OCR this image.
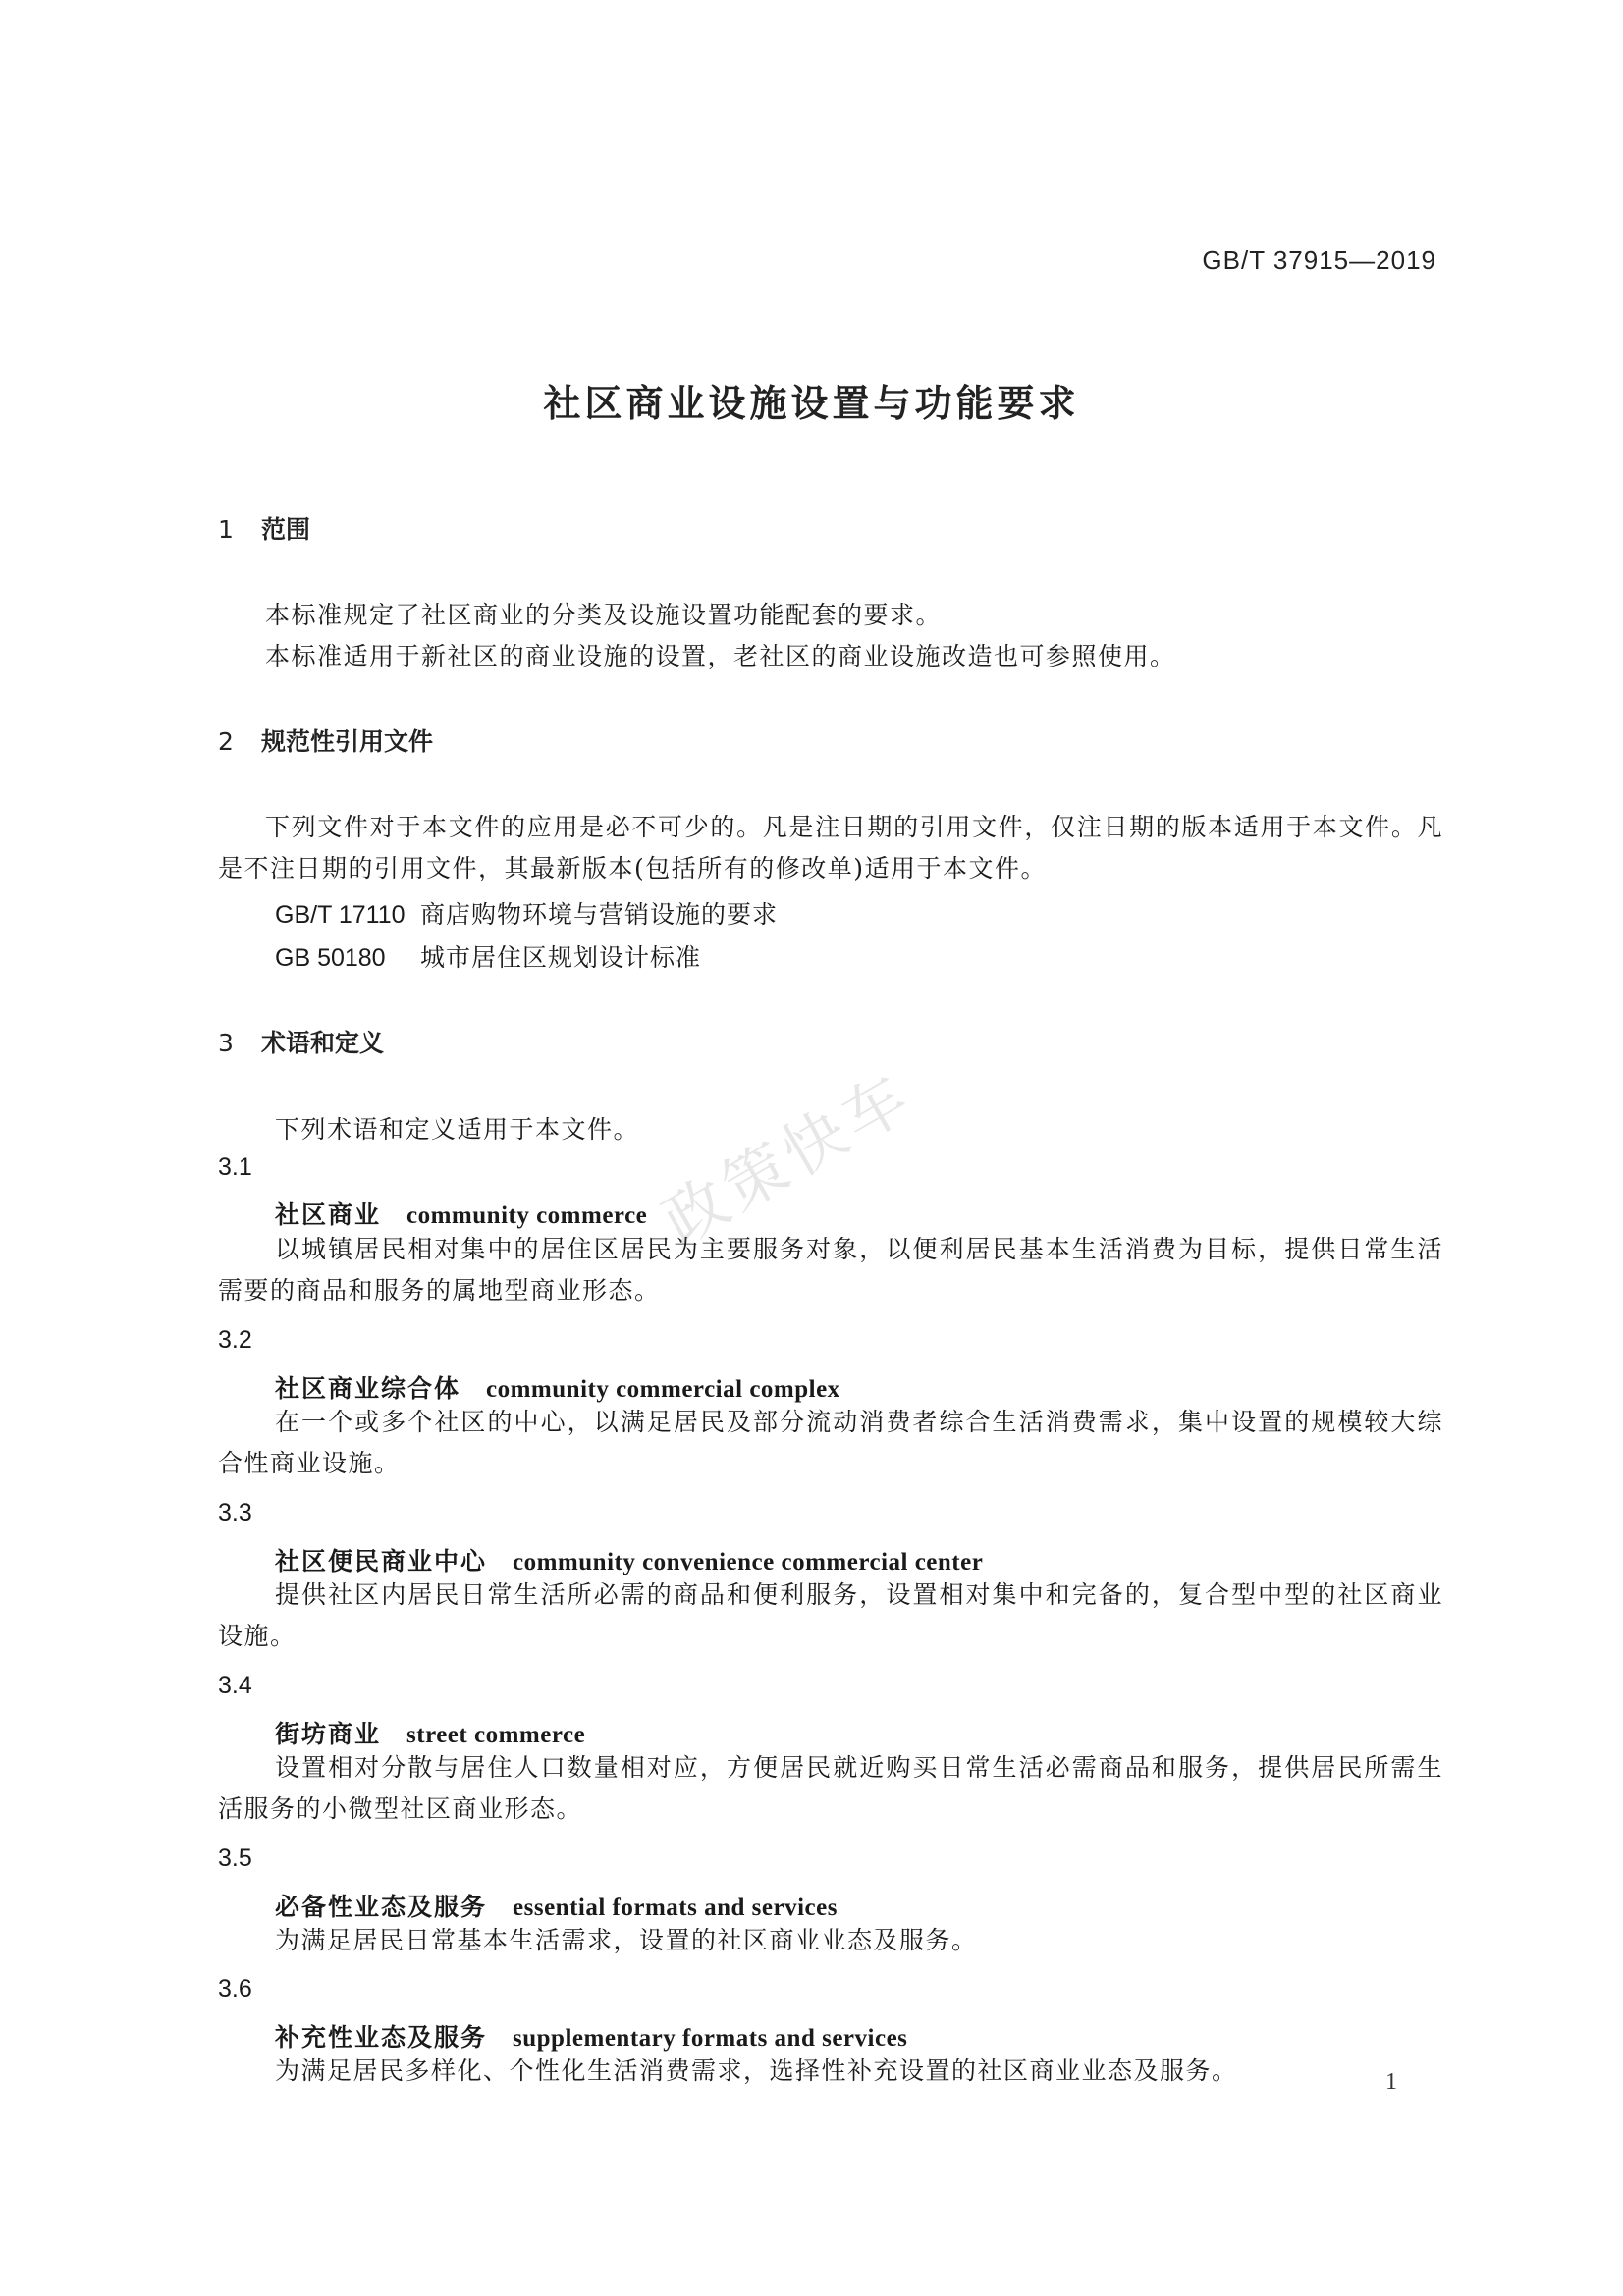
GB/T 37915—2019
社区商业设施设置与功能要求
1 范围
本标准规定了社区商业的分类及设施设置功能配套的要求。
本标准适用于新社区的商业设施的设置，老社区的商业设施改造也可参照使用。
2 规范性引用文件
下列文件对于本文件的应用是必不可少的。凡是注日期的引用文件，仅注日期的版本适用于本文件。凡是不注日期的引用文件，其最新版本(包括所有的修改单)适用于本文件。
GB/T 17110 商店购物环境与营销设施的要求
GB 50180 城市居住区规划设计标准
3 术语和定义
下列术语和定义适用于本文件。
3.1
社区商业 community commerce
以城镇居民相对集中的居住区居民为主要服务对象，以便利居民基本生活消费为目标，提供日常生活需要的商品和服务的属地型商业形态。
3.2
社区商业综合体 community commercial complex
在一个或多个社区的中心，以满足居民及部分流动消费者综合生活消费需求，集中设置的规模较大综合性商业设施。
3.3
社区便民商业中心 community convenience commercial center
提供社区内居民日常生活所必需的商品和便利服务，设置相对集中和完备的，复合型中型的社区商业设施。
3.4
街坊商业 street commerce
设置相对分散与居住人口数量相对应，方便居民就近购买日常生活必需商品和服务，提供居民所需生活服务的小微型社区商业形态。
3.5
必备性业态及服务 essential formats and services
为满足居民日常基本生活需求，设置的社区商业业态及服务。
3.6
补充性业态及服务 supplementary formats and services
为满足居民多样化、个性化生活消费需求，选择性补充设置的社区商业业态及服务。
政策快车
1
